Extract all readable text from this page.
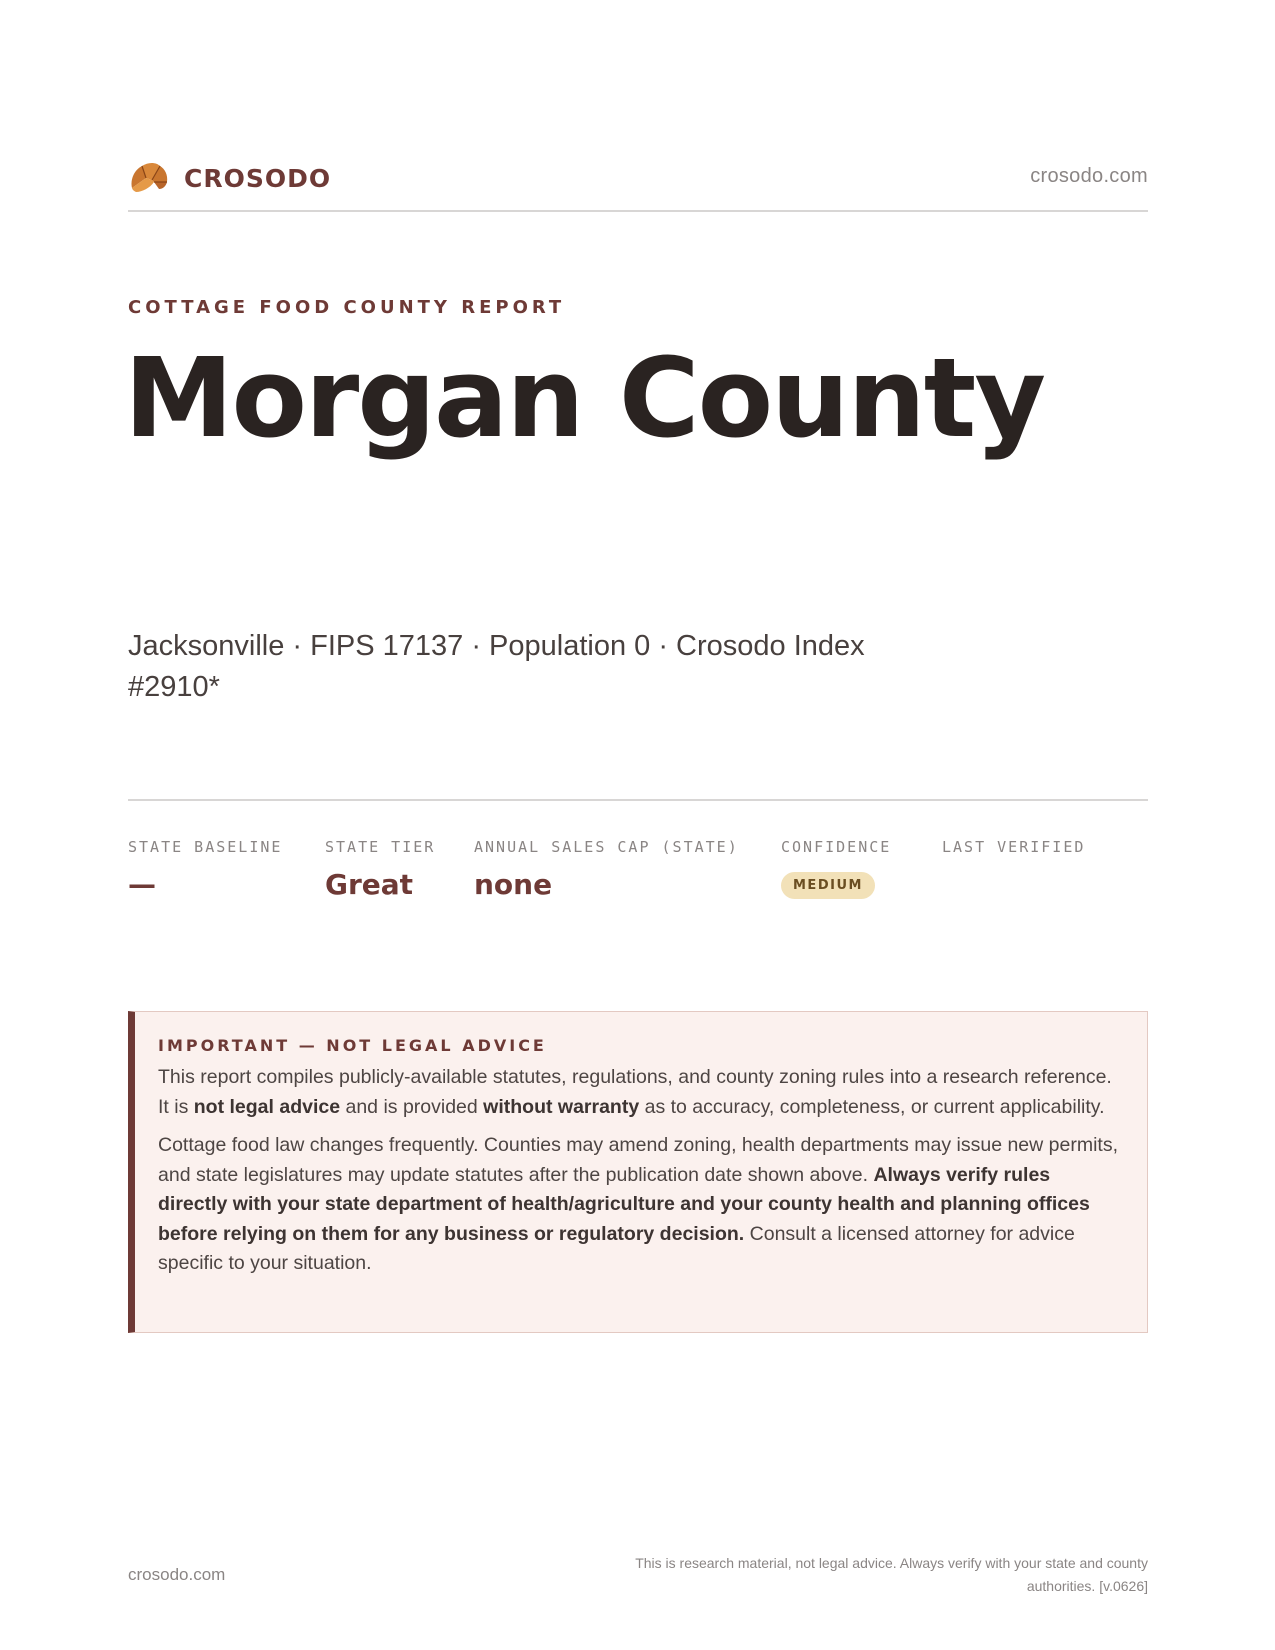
CROSODO	crosodo.com
COTTAGE FOOD COUNTY REPORT
Morgan County
Jacksonville · FIPS 17137 · Population 0 · Crosodo Index #2910*
STATE BASELINE
—
STATE TIER
Great
ANNUAL SALES CAP (STATE)
none
CONFIDENCE
MEDIUM
LAST VERIFIED
IMPORTANT — NOT LEGAL ADVICE

This report compiles publicly-available statutes, regulations, and county zoning rules into a research reference. It is not legal advice and is provided without warranty as to accuracy, completeness, or current applicability.

Cottage food law changes frequently. Counties may amend zoning, health departments may issue new permits, and state legislatures may update statutes after the publication date shown above. Always verify rules directly with your state department of health/agriculture and your county health and planning offices before relying on them for any business or regulatory decision. Consult a licensed attorney for advice specific to your situation.

crosodo.com
This is research material, not legal advice. Always verify with your state and county authorities. [v.0626]
